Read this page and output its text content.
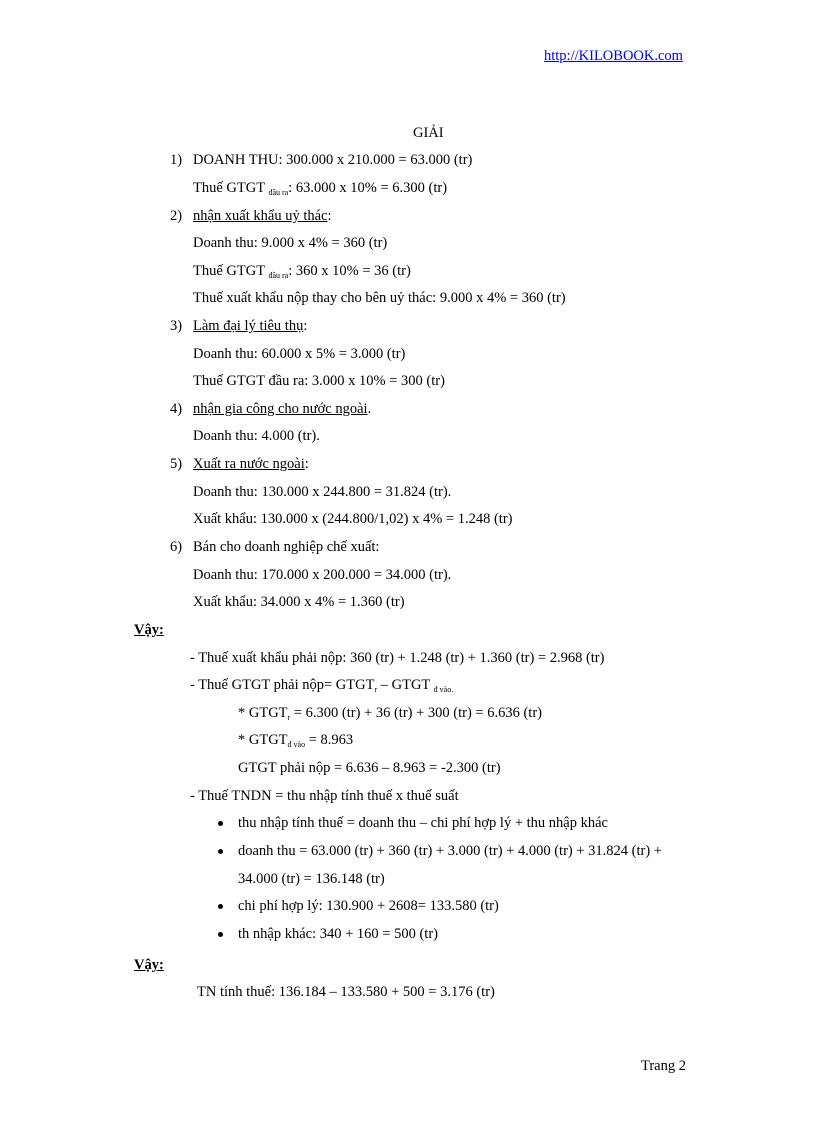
http://KILOBOOK.com
GIẢI
1) DOANH THU: 300.000 x 210.000 = 63.000 (tr)
Thuế GTGT $_{đầu ra}$: 63.000 x 10% = 6.300 (tr)
2) nhận xuất khẩu uỷ thác:
Doanh thu: 9.000 x 4% = 360 (tr)
Thuế GTGT $_{đầu ra}$: 360 x 10% = 36 (tr)
Thuế xuất khẩu nộp thay cho bên uỷ thác: 9.000 x 4% = 360 (tr)
3) Làm đại lý tiêu thụ:
Doanh thu: 60.000 x 5% = 3.000 (tr)
Thuế GTGT đầu ra: 3.000 x 10% = 300 (tr)
4) nhận gia công cho nước ngoài.
Doanh thu: 4.000 (tr).
5) Xuất ra nước ngoài:
Doanh thu: 130.000 x 244.800 = 31.824 (tr).
Xuất khẩu: 130.000 x (244.800/1,02) x 4% = 1.248 (tr)
6) Bán cho doanh nghiệp chế xuất:
Doanh thu: 170.000 x 200.000 = 34.000 (tr).
Xuất khẩu: 34.000 x 4% = 1.360 (tr)
Vậy:
- Thuế xuất khẩu phải nộp: 360 (tr) + 1.248 (tr) + 1.360 (tr) = 2.968 (tr)
- Thuế GTGT phải nộp= $GTGT_r$ – GTGT $_{đ vào.}$
* $GTGT_r = 6.300$ (tr) + 36 (tr) + 300 (tr) = 6.636 (tr)
* $GTGT_{đ vào} = 8.963$
GTGT phải nộp = 6.636 – 8.963 = -2.300 (tr)
- Thuế TNDN = thu nhập tính thuế x thuế suất
thu nhập tính thuế = doanh thu – chi phí hợp lý + thu nhập khác
doanh thu = 63.000 (tr) + 360 (tr) + 3.000 (tr) + 4.000 (tr) + 31.824 (tr) +
34.000 (tr) = 136.148 (tr)
chi phí hợp lý: 130.900 + 2608= 133.580 (tr)
th nhập khác: 340 + 160 = 500 (tr)
Vậy:
TN tính thuế: 136.184 – 133.580 + 500 = 3.176 (tr)
Trang 2
